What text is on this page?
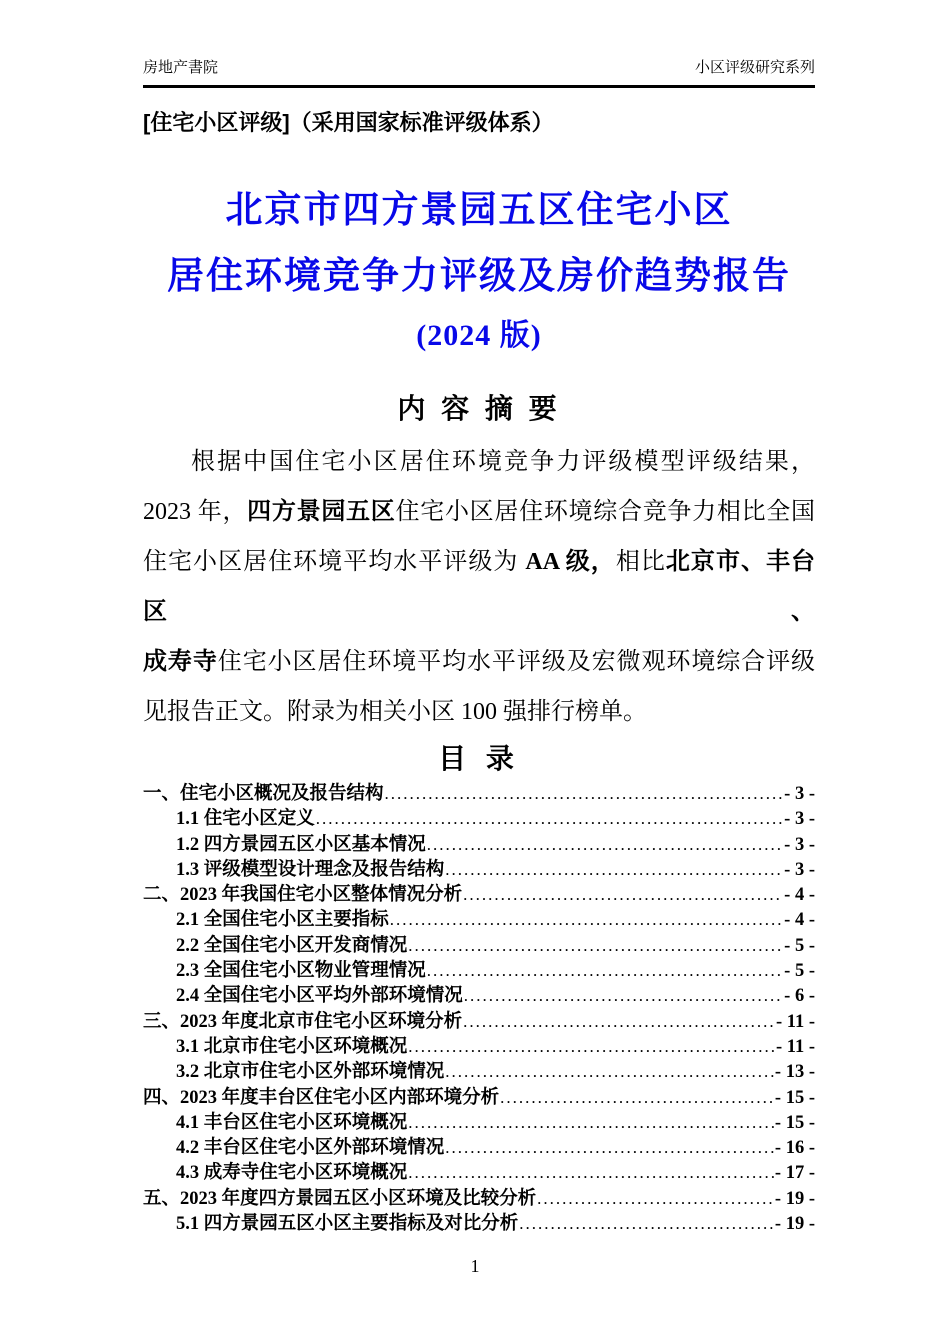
房地产書院	小区评级研究系列
[住宅小区评级]（采用国家标准评级体系）
北京市四方景园五区住宅小区
居住环境竞争力评级及房价趋势报告
(2024 版)
内 容 摘 要
根据中国住宅小区居住环境竞争力评级模型评级结果，
2023 年，四方景园五区住宅小区居住环境综合竞争力相比全国
住宅小区居住环境平均水平评级为 AA 级，相比北京市、丰台区、
成寿寺住宅小区居住环境平均水平评级及宏微观环境综合评级
见报告正文。附录为相关小区 100 强排行榜单。
目 录
一、住宅小区概况及报告结构 .....	- 3 -
1.1 住宅小区定义 .....	- 3 -
1.2 四方景园五区小区基本情况 .....	- 3 -
1.3 评级模型设计理念及报告结构 .....	- 3 -
二、2023 年我国住宅小区整体情况分析 .....	- 4 -
2.1 全国住宅小区主要指标 .....	- 4 -
2.2 全国住宅小区开发商情况 .....	- 5 -
2.3 全国住宅小区物业管理情况 .....	- 5 -
2.4 全国住宅小区平均外部环境情况 .....	- 6 -
三、2023 年度北京市住宅小区环境分析 .....	- 11 -
3.1 北京市住宅小区环境概况 .....	- 11 -
3.2 北京市住宅小区外部环境情况 .....	- 13 -
四、2023 年度丰台区住宅小区内部环境分析 .....	- 15 -
4.1 丰台区住宅小区环境概况 .....	- 15 -
4.2 丰台区住宅小区外部环境情况 .....	- 16 -
4.3 成寿寺住宅小区环境概况 .....	- 17 -
五、2023 年度四方景园五区小区环境及比较分析 .....	- 19 -
5.1 四方景园五区小区主要指标及对比分析 .....	- 19 -
1
